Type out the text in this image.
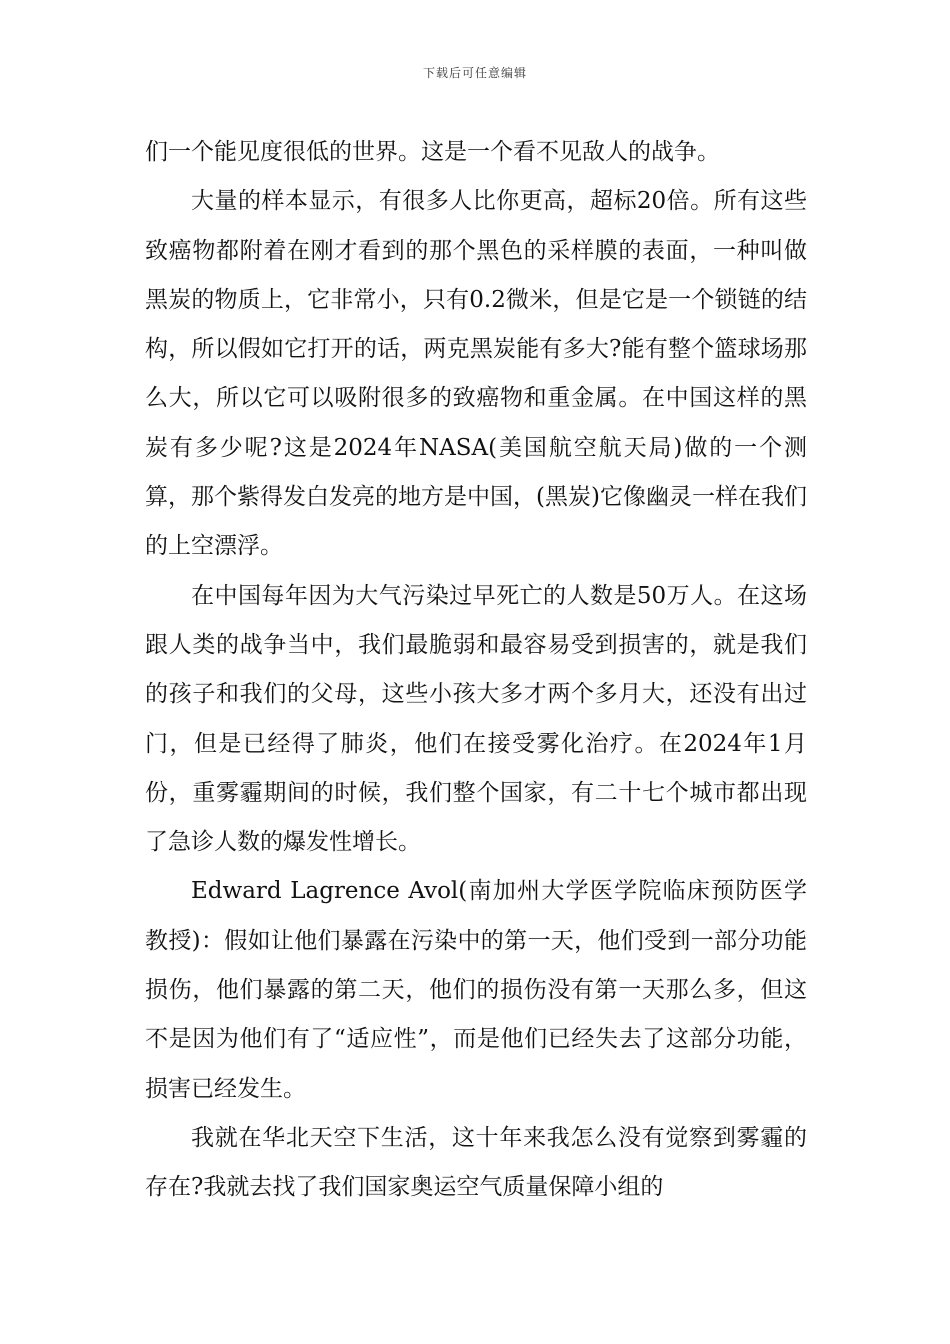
下载后可任意编辑

们一个能见度很低的世界。这是一个看不见敌人的战争。

大量的样本显示，有很多人比你更高，超标20倍。所有这些致癌物都附着在刚才看到的那个黑色的采样膜的表面，一种叫做黑炭的物质上，它非常小，只有0.2微米，但是它是一个锁链的结构，所以假如它打开的话，两克黑炭能有多大?能有整个篮球场那么大，所以它可以吸附很多的致癌物和重金属。在中国这样的黑炭有多少呢?这是2024年NASA(美国航空航天局)做的一个测算，那个紫得发白发亮的地方是中国，(黑炭)它像幽灵一样在我们的上空漂浮。

在中国每年因为大气污染过早死亡的人数是50万人。在这场跟人类的战争当中，我们最脆弱和最容易受到损害的，就是我们的孩子和我们的父母，这些小孩大多才两个多月大，还没有出过门，但是已经得了肺炎，他们在接受雾化治疗。在2024年1月份，重雾霾期间的时候，我们整个国家，有二十七个城市都出现了急诊人数的爆发性增长。

Edward Lagrence Avol(南加州大学医学院临床预防医学教授)：假如让他们暴露在污染中的第一天，他们受到一部分功能损伤，他们暴露的第二天，他们的损伤没有第一天那么多，但这不是因为他们有了“适应性”，而是他们已经失去了这部分功能，损害已经发生。

我就在华北天空下生活，这十年来我怎么没有觉察到雾霾的存在?我就去找了我们国家奥运空气质量保障小组的
